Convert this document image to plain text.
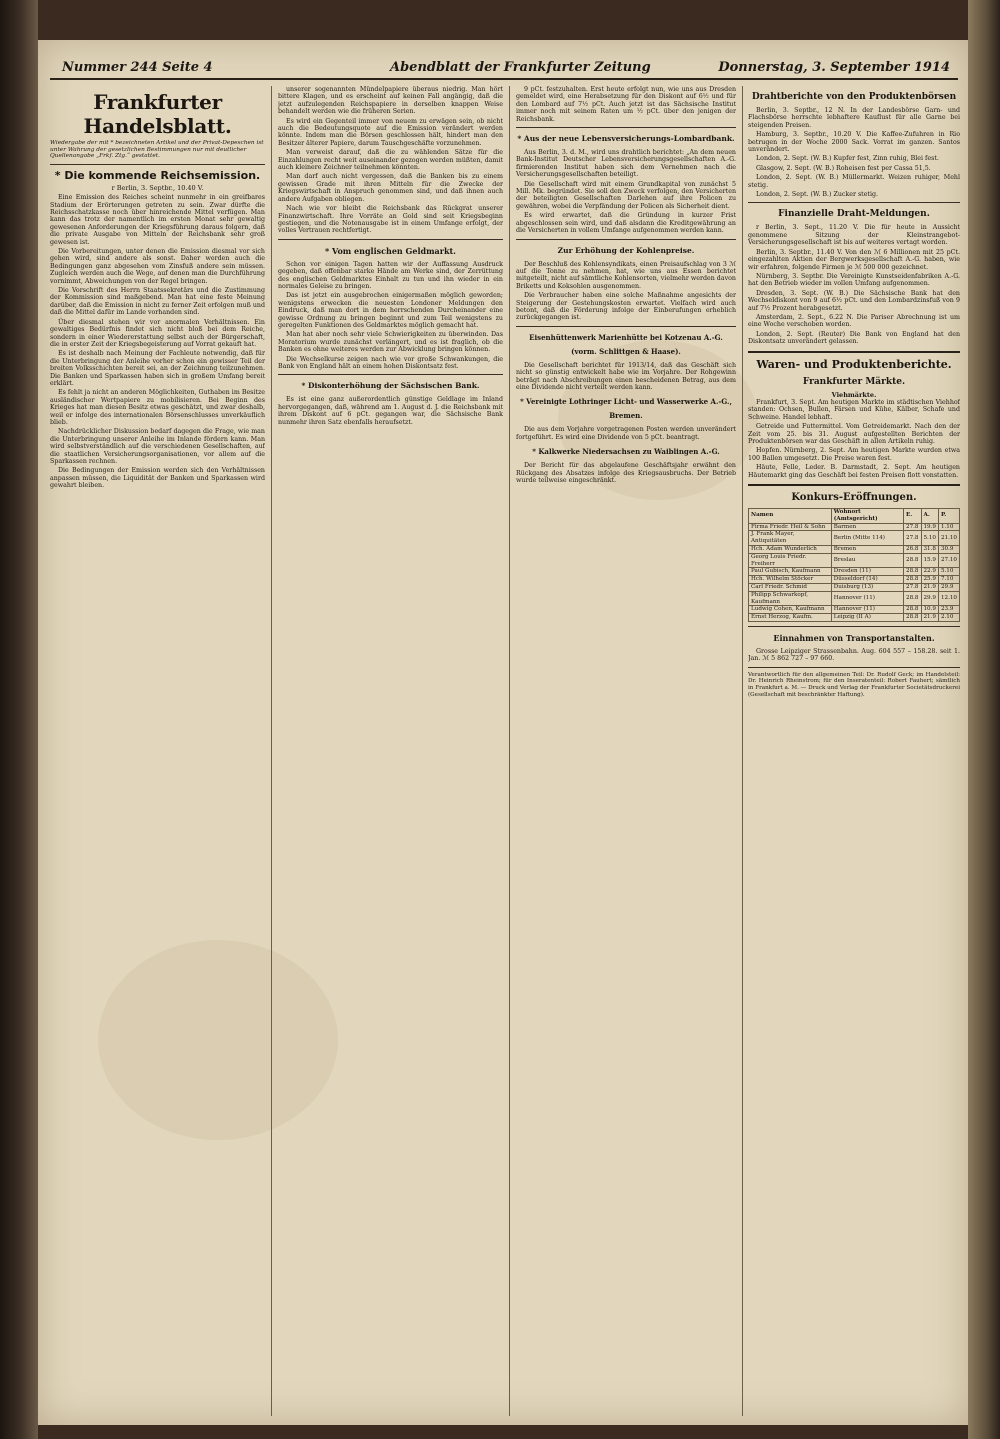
Nummer 244 Seite 4	Abendblatt der Frankfurter Zeitung	Donnerstag, 3. September 1914
Frankfurter Handelsblatt.
Wiedergabe der mit * bezeichneten Artikel und der Privat-Depeschen ist unter Wahrung der gesetzlichen Bestimmungen nur mit deutlicher Quellenangabe „Frkf. Ztg.“ gestattet.
* Die kommende Reichsemission.
r Berlin, 3. Septbr., 10.40 V.

Eine Emission des Reiches scheint nunmehr in ein greifbares Stadium der Erörterungen getreten zu sein. Zwar dürfte die Reichsschatzkasse noch über hinreichende Mittel verfügen. Man kann das trotz der namentlich im ersten Monat sehr gewaltig gewesenen Anforderungen der Kriegsführung daraus folgern, daß die private Ausgabe von Mitteln der Reichsbank sehr groß gewesen ist.

Die Vorbereitungen, unter denen die Emission diesmal vor sich gehen wird, sind andere als sonst. Daher werden auch die Bedingungen ganz abgesehen vom Zinsfuß andere sein müssen. Zugleich werden auch die Wege, auf denen man die Durchführung vornimmt, Abweichungen von der Regel bringen.

Die Vorschrift des Herrn Staatssekretärs und die Zustimmung der Kommission sind maßgebend. Man hat eine feste Meinung darüber, daß die Emission in nicht zu ferner Zeit erfolgen muß und daß die Mittel dafür im Lande vorhanden sind.

Über diesmal stehen wir vor anormalen Verhältnissen. Ein gewaltiges Bedürfnis findet sich nicht bloß bei dem Reiche, sondern in einer Wiedererstattung selbst auch der Bürgerschaft, die in erster Zeit der Kriegsbegeisterung auf Vorrat gekauft hat.

Es ist deshalb nach Meinung der Fachleute notwendig, daß für die Unterbringung der Anleihe vorher schon ein gewisser Teil der breiten Volksschichten bereit sei, an der Zeichnung teilzunehmen. Die Banken und Sparkassen haben sich in großem Umfang bereit erklärt.

Es fehlt ja nicht an anderen Möglichkeiten, Guthaben im Besitze ausländischer Wertpapiere zu mobilisieren. Bei Beginn des Krieges hat man diesen Besitz etwas geschätzt, und zwar deshalb, weil er infolge des internationalen Börsenschlusses unverkäuflich blieb.

Nachdrücklicher Diskussion bedarf dagegen die Frage, wie man die Unterbringung unserer Anleihe im Inlande fördern kann. Man wird selbstverständlich auf die verschiedenen Gesellschaften, auf die staatlichen Versicherungsorganisationen, vor allem auf die Sparkassen rechnen.

Die Bedingungen der Emission werden sich den Verhältnissen anpassen müssen, die Liquidität der Banken und Sparkassen wird gewahrt bleiben.

unserer sogenannten Mündelpapiere überaus niedrig. Man hört bittere Klagen, und es erscheint auf keinen Fall angängig, daß die jetzt aufzulegenden Reichspapiere in derselben knappen Weise behandelt werden wie die früheren Serien.

Es wird ein Gegenteil immer von neuem zu erwägen sein, ob nicht auch die Bedeutungsquote auf die Emission verändert werden könnte. Indem man die Börsen geschlossen hält, hindert man den Besitzer älterer Papiere, darum Tauschgeschäfte vorzunehmen.

Man verweist darauf, daß die zu wählenden Sätze für die Einzahlungen recht weit auseinander gezogen werden müßten, damit auch kleinere Zeichner teilnehmen könnten.

Man darf auch nicht vergessen, daß die Banken bis zu einem gewissen Grade mit ihren Mitteln für die Zwecke der Kriegswirtschaft in Anspruch genommen sind, und daß ihnen auch andere Aufgaben obliegen.

Nach wie vor bleibt die Reichsbank das Rückgrat unserer Finanzwirtschaft. Ihre Vorräte an Gold sind seit Kriegsbeginn gestiegen, und die Notenausgabe ist in einem Umfange erfolgt, der volles Vertrauen rechtfertigt.

* Vom englischen Geldmarkt.

Schon vor einigen Tagen hatten wir der Auffassung Ausdruck gegeben, daß offenbar starke Hände am Werke sind, der Zerrüttung des englischen Geldmarktes Einhalt zu tun und ihn wieder in ein normales Geleise zu bringen.

Das ist jetzt ein ausgebrochen einigermaßen möglich geworden; wenigstens erwecken die neuesten Londoner Meldungen den Eindruck, daß man dort in dem herrschenden Durcheinander eine gewisse Ordnung zu bringen beginnt und zum Teil wenigstens zu geregelten Funktionen des Geldmarktes möglich gemacht hat.

Man hat aber noch sehr viele Schwierigkeiten zu überwinden. Das Moratorium wurde zunächst verlängert, und es ist fraglich, ob die Banken es ohne weiteres werden zur Abwicklung bringen können.

Die Wechselkurse zeigen nach wie vor große Schwankungen, die Bank von England hält an einem hohen Diskontsatz fest.

* Diskonterhöhung der Sächsischen Bank.

Es ist eine ganz außerordentlich günstige Geldlage im Inland hervorgegangen, daß, während am 1. August d. J. die Reichsbank mit ihrem Diskont auf 6 pCt. gegangen war, die Sächsische Bank nunmehr ihren Satz ebenfalls heraufsetzt.

9 pCt. festzuhalten. Erst heute erfolgt nun, wie uns aus Dresden gemeldet wird, eine Herabsetzung für den Diskont auf 6½ und für den Lombard auf 7½ pCt. Auch jetzt ist das Sächsische Institut immer noch mit seinem Raten um ½ pCt. über den jenigen der Reichsbank.

* Aus der neue Lebensversicherungs-Lombardbank.

Aus Berlin, 3. d. M., wird uns drahtlich berichtet: „An dem neuen Bank-Institut Deutscher Lebensversicherungsgesellschaften A.-G. firmierenden Institut haben sich dem Vernehmen nach die Versicherungsgesellschaften beteiligt.

Die Gesellschaft wird mit einem Grundkapital von zunächst 5 Mill. Mk. begründet. Sie soll den Zweck verfolgen, den Versicherten der beteiligten Gesellschaften Darlehen auf ihre Policen zu gewähren, wobei die Verpfändung der Policen als Sicherheit dient.

Es wird erwartet, daß die Gründung in kurzer Frist abgeschlossen sein wird, und daß alsdann die Kreditgewährung an die Versicherten in vollem Umfange aufgenommen werden kann.

Zur Erhöhung der Kohlenpreise.

Der Beschluß des Kohlensyndikats, einen Preisaufschlag von 3 ℳ auf die Tonne zu nehmen, hat, wie uns aus Essen berichtet mitgeteilt, nicht auf sämtliche Kohlensorten, vielmehr werden davon Briketts und Koksohlen ausgenommen.

Die Verbraucher haben eine solche Maßnahme angesichts der Steigerung der Gestehungskosten erwartet. Vielfach wird auch betont, daß die Förderung infolge der Einberufungen erheblich zurückgegangen ist.

Eisenhüttenwerk Marienhütte bei Kotzenau A.-G. (vorm. Schlittgen & Haase).

Die Gesellschaft berichtet für 1913/14, daß das Geschäft sich nicht so günstig entwickelt habe wie im Vorjahre. Der Rohgewinn beträgt nach Abschreibungen einen bescheidenen Betrag, aus dem eine Dividende nicht verteilt werden kann.

* Vereinigte Lothringer Licht- und Wasserwerke A.-G., Bremen.

Die aus dem Vorjahre vorgetragenen Posten werden unverändert fortgeführt. Es wird eine Dividende von 5 pCt. beantragt.

* Kalkwerke Niedersachsen zu Waiblingen A.-G.

Der Bericht für das abgelaufene Geschäftsjahr erwähnt den Rückgang des Absatzes infolge des Kriegsausbruchs. Der Betrieb wurde teilweise eingeschränkt.

Drahtberichte von den Produktenbörsen

Berlin, 3. Septbr., 12 N. In der Landesbörse Garn- und Flachsbörse herrschte lebhaftere Kauflust für alle Garne bei steigenden Preisen.

Hamburg, 3. Septbr., 10.20 V. Die Kaffee-Zufuhren in Rio betrugen in der Woche 2000 Sack. Vorrat im ganzen. Santos unverändert.

London, 2. Sept. (W. B.) Kupfer fest, Zinn ruhig, Blei fest.

Glasgow, 2. Sept. (W. B.) Roheisen fest per Cassa 51,5.

London, 2. Sept. (W. B.) Müllermarkt. Weizen ruhiger, Mehl stetig.

London, 2. Sept. (W. B.) Zucker stetig.

Finanzielle Draht-Meldungen.

r Berlin, 3. Sept., 11.20 V. Die für heute in Aussicht genommene Sitzung der Kleinstrangebot-Versicherungsgesellschaft ist bis auf weiteres vertagt worden.

Berlin, 3. Septbr., 11.40 V. Von den ℳ 6 Millionen mit 25 pCt. eingezahlten Aktien der Bergwerksgesellschaft A.-G. haben, wie wir erfahren, folgende Firmen je ℳ 500 000 gezeichnet.

Nürnberg, 3. Septbr. Die Vereinigte Kunstseidenfabriken A.-G. hat den Betrieb wieder im vollen Umfang aufgenommen.

Dresden, 3. Sept. (W. B.) Die Sächsische Bank hat den Wechseldiskont von 9 auf 6½ pCt. und den Lombardzinsfuß von 9 auf 7½ Prozent herabgesetzt.

Amsterdam, 2. Sept., 6.22 N. Die Pariser Abrechnung ist um eine Woche verschoben worden.

London, 2. Sept. (Reuter) Die Bank von England hat den Diskontsatz unverändert gelassen.

Waren- und Produktenberichte.
Frankfurter Märkte.
Viehmärkte.

Frankfurt, 3. Sept. Am heutigen Markte im städtischen Viehhof standen: Ochsen, Bullen, Färsen und Kühe, Kälber, Schafe und Schweine. Handel lebhaft.

Getreide und Futtermittel. Vom Getreidemarkt. Nach den der Zeit vom 25. bis 31. August aufgestellten Berichten der Produktenbörsen war das Geschäft in allen Artikeln ruhig.

Hopfen. Nürnberg, 2. Sept. Am heutigen Markte wurden etwa 100 Ballen umgesetzt. Die Preise waren fest.

Häute, Felle, Leder. B. Darmstadt, 2. Sept. Am heutigen Häutemarkt ging das Geschäft bei festen Preisen flott vonstatten.

Konkurs-Eröffnungen.
Namen	Wohnort (Amtsgericht)	E.	A.	P.
Firma Friedr. Heil & Sohn	Barmen	27.8	19.9	1.10
J. Frank Mayer, Antiquitäten	Berlin (Mitte 114)	27.8	5.10	21.10
Hch. Adam Wunderlich	Bremen	26.8	31.8	30.9
Georg Louis Friedr. Freiherr	Breslau	28.8	15.9	27.10
Paul Gubisch, Kaufmann	Dresden (11)	28.8	22.9	5.10
Hch. Wilhelm Stöcker	Düsseldorf (14)	28.8	25.9	7.10
Carl Friedr. Schmid	Duisburg (13)	27.8	21.9	29.9
Philipp Schwarkopf, Kaufmann	Hannover (11)	28.8	29.9	12.10
Ludwig Cohen, Kaufmann	Hannover (11)	28.8	10.9	23.9
Ernst Herzog, Kaufm.	Leipzig (II A)	28.8	21.9	2.10
Einnahmen von Transportanstalten.

Grosse Leipziger Strassenbahn. Aug. 604 557 – 158.28. seit 1. Jan. ℳ 5 862 727 – 97 660.

Verantwortlich für den allgemeinen Teil: Dr. Rudolf Geck; im Handelsteil: Dr. Heinrich Rheinstrom; für den Inseratenteil: Robert Fauhert; sämtlich in Frankfurt a. M. — Druck und Verlag der Frankfurter Societätsdruckerei (Gesellschaft mit beschränkter Haftung).
